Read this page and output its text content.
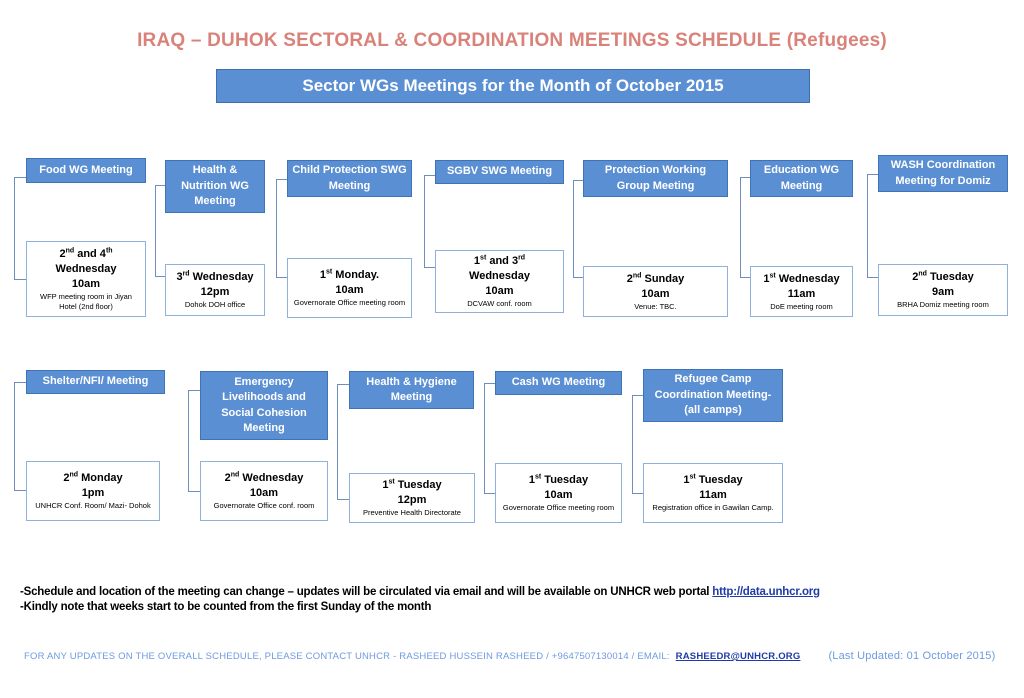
IRAQ – DUHOK SECTORAL & COORDINATION MEETINGS SCHEDULE (Refugees)
Sector WGs Meetings for the Month of October 2015
Food WG Meeting	Health & Nutrition WG Meeting
Child Protection SWG Meeting
SGBV SWG Meeting	Protection Working Group Meeting
Education WG Meeting
WASH Coordination Meeting for Domiz
2nd and 4th
Wednesday
10am
WFP meeting room in Jiyan Hotel (2nd floor)
3rd Wednesday
12pm
Dohok DOH office
1st Monday.
10am
Governorate Office meeting room
1st and 3rd
Wednesday
10am
DCVAW conf. room
2nd Sunday
10am
Venue: TBC.
1st Wednesday
11am
DoE meeting room
2nd Tuesday
9am
BRHA Domiz meeting room
Shelter/NFI/ Meeting	Emergency Livelihoods and Social Cohesion Meeting
Health & Hygiene Meeting
Cash WG Meeting	Refugee Camp Coordination Meeting- (all camps)
2nd Monday
1pm
UNHCR Conf. Room/ Mazi- Dohok
2nd Wednesday
10am
Governorate Office conf. room
1st Tuesday
12pm
Preventive Health Directorate
1st Tuesday
10am
Governorate Office meeting room
1st Tuesday
11am
Registration office in Gawilan Camp.
-Schedule and location of the meeting can change – updates will be circulated via email and will be available on UNHCR web portal http://data.unhcr.org
-Kindly note that weeks start to be counted from the first Sunday of the month
FOR ANY UPDATES ON THE OVERALL SCHEDULE, PLEASE CONTACT UNHCR - RASHEED HUSSEIN RASHEED / +9647507130014 / EMAIL: RASHEEDR@UNHCR.ORG	(Last Updated: 01 October 2015)
